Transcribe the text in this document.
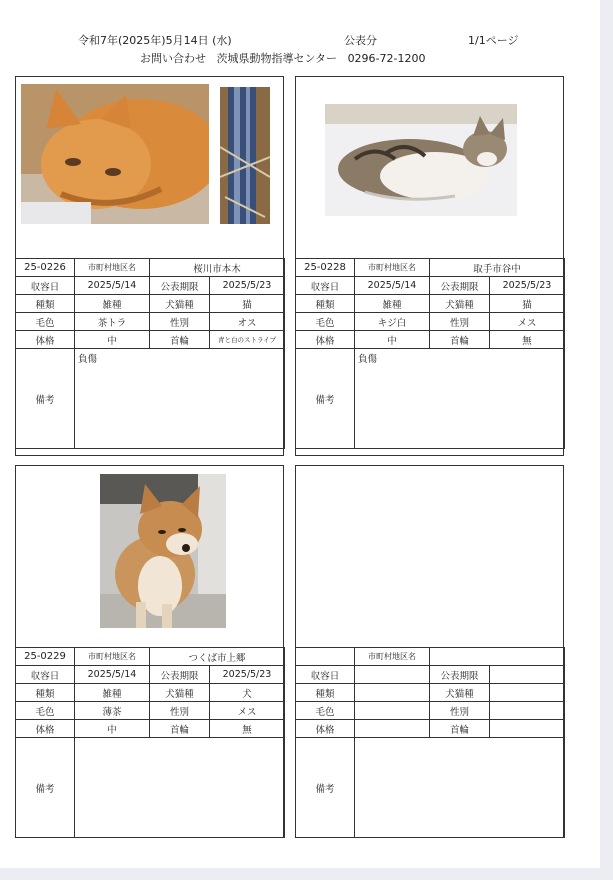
令和7年(2025年)5月14日 (水)	公表分	1/1ページ
お問い合わせ 茨城県動物指導センター 0296-72-1200
25-0226	市町村地区名	桜川市本木	
収容日	2025/5/14	公表期限	2025/5/23
種類	雑種	犬猫種	猫
毛色	茶トラ	性別	オス
体格	中	首輪	青と白のストライプ
備考	負傷		
25-0228	市町村地区名	取手市谷中	
収容日	2025/5/14	公表期限	2025/5/23
種類	雑種	犬猫種	猫
毛色	キジ白	性別	メス
体格	中	首輪	無
備考	負傷		
25-0229	市町村地区名	つくば市上郷	
収容日	2025/5/14	公表期限	2025/5/23
種類	雑種	犬猫種	犬
毛色	薄茶	性別	メス
体格	中	首輪	無
備考			
	市町村地区名		
収容日		公表期限	
種類		犬猫種	
毛色		性別	
体格		首輪	
備考			
